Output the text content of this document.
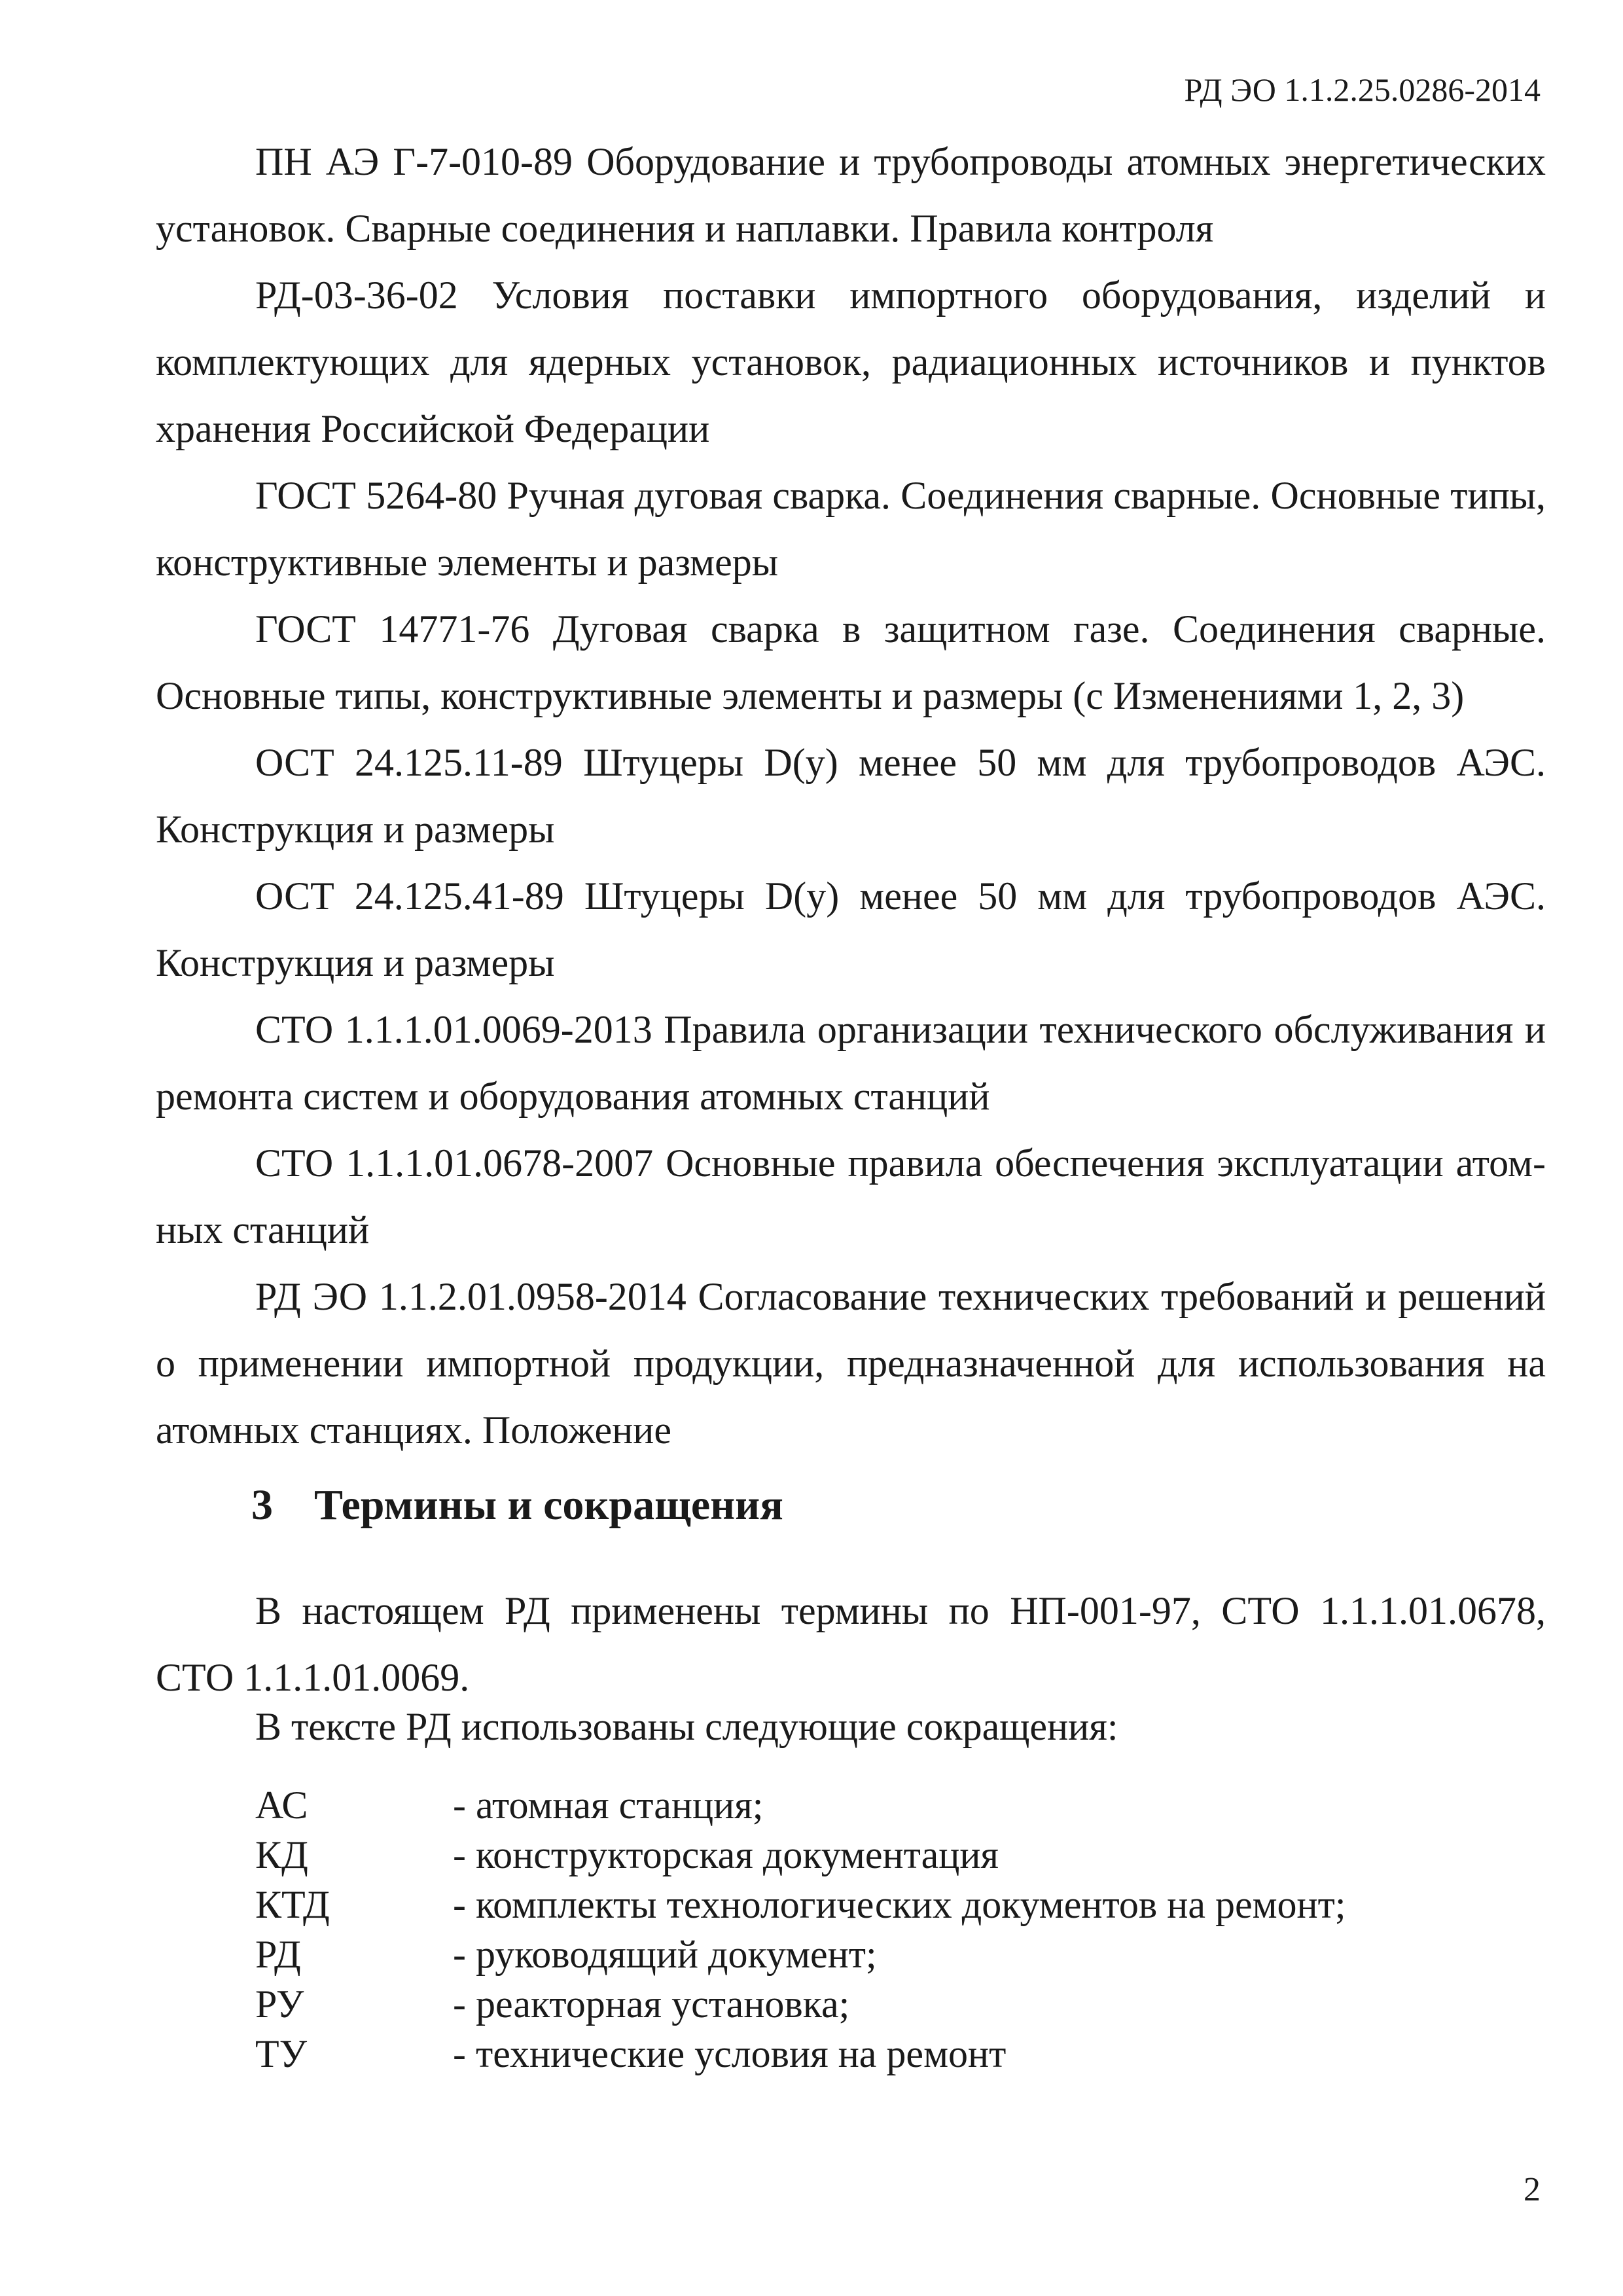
РД ЭО 1.1.2.25.0286-2014

ПН АЭ Г-7-010-89 Оборудование и трубопроводы атомных энергетических установок. Сварные соединения и наплавки. Правила контроля

РД-03-36-02 Условия поставки импортного оборудования, изделий и комплектующих для ядерных установок, радиационных источников и пунктов хранения Российской Федерации

ГОСТ 5264-80 Ручная дуговая сварка. Соединения сварные. Основные типы, конструктивные элементы и размеры

ГОСТ 14771-76 Дуговая сварка в защитном газе. Соединения сварные. Основные типы, конструктивные элементы и размеры (с Изменениями 1, 2, 3)

ОСТ 24.125.11-89 Штуцеры D(у) менее 50 мм для трубопроводов АЭС. Конструкция и размеры

ОСТ 24.125.41-89 Штуцеры D(у) менее 50 мм для трубопроводов АЭС. Конструкция и размеры

СТО 1.1.1.01.0069-2013 Правила организации технического обслуживания и ремонта систем и оборудования атомных станций

СТО 1.1.1.01.0678-2007 Основные правила обеспечения эксплуатации атомных станций

РД ЭО 1.1.2.01.0958-2014 Согласование технических требований и решений о применении импортной продукции, предназначенной для использования на атомных станциях. Положение

3 Термины и сокращения

В настоящем РД применены термины по НП-001-97, СТО 1.1.1.01.0678, СТО 1.1.1.01.0069.

В тексте РД использованы следующие сокращения:
АС	- атомная станция;
КД	- конструкторская документация
КТД	- комплекты технологических документов на ремонт;
РД	- руководящий документ;
РУ	- реакторная установка;
ТУ	- технические условия на ремонт
2
